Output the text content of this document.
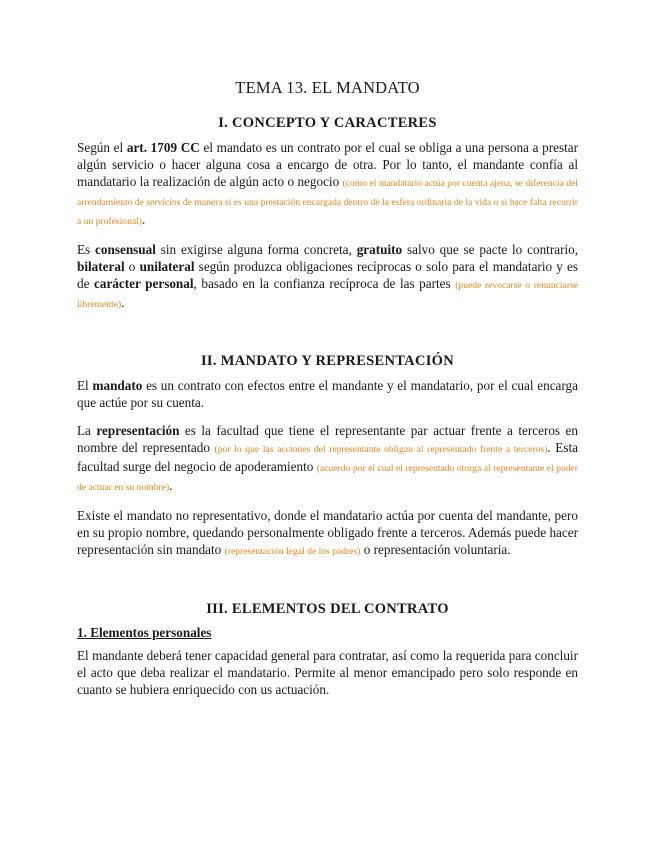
TEMA 13. EL MANDATO
I. CONCEPTO Y CARACTERES

Según el art. 1709 CC el mandato es un contrato por el cual se obliga a una persona a prestar algún servicio o hacer alguna cosa a encargo de otra. Por lo tanto, el mandante confía al mandatario la realización de algún acto o negocio (como el mandatario actúa por cuenta ajena, se diferencia del arrendamiento de servicios de manera si es una prestación encargada dentro de la esfera ordinaria de la vida o si hace falta recurrir a un profesional).

Es consensual sin exigirse alguna forma concreta, gratuito salvo que se pacte lo contrario, bilateral o unilateral según produzca obligaciones recíprocas o solo para el mandatario y es de carácter personal, basado en la confianza recíproca de las partes (puede revocarse o renunciarse libremente).

II. MANDATO Y REPRESENTACIÓN

El mandato es un contrato con efectos entre el mandante y el mandatario, por el cual encarga que actúe por su cuenta.

La representación es la facultad que tiene el representante par actuar frente a terceros en nombre del representado (por lo que las acciones del representante obligan al representado frente a terceros). Esta facultad surge del negocio de apoderamiento (acuerdo por el cual el representado otorga al representante el poder de actuar en su nombre).

Existe el mandato no representativo, donde el mandatario actúa por cuenta del mandante, pero en su propio nombre, quedando personalmente obligado frente a terceros. Además puede hacer representación sin mandato (representación legal de los padres) o representación voluntaria.

III. ELEMENTOS DEL CONTRATO
1. Elementos personales

El mandante deberá tener capacidad general para contratar, así como la requerida para concluir el acto que deba realizar el mandatario. Permite al menor emancipado pero solo responde en cuanto se hubiera enriquecido con us actuación.
